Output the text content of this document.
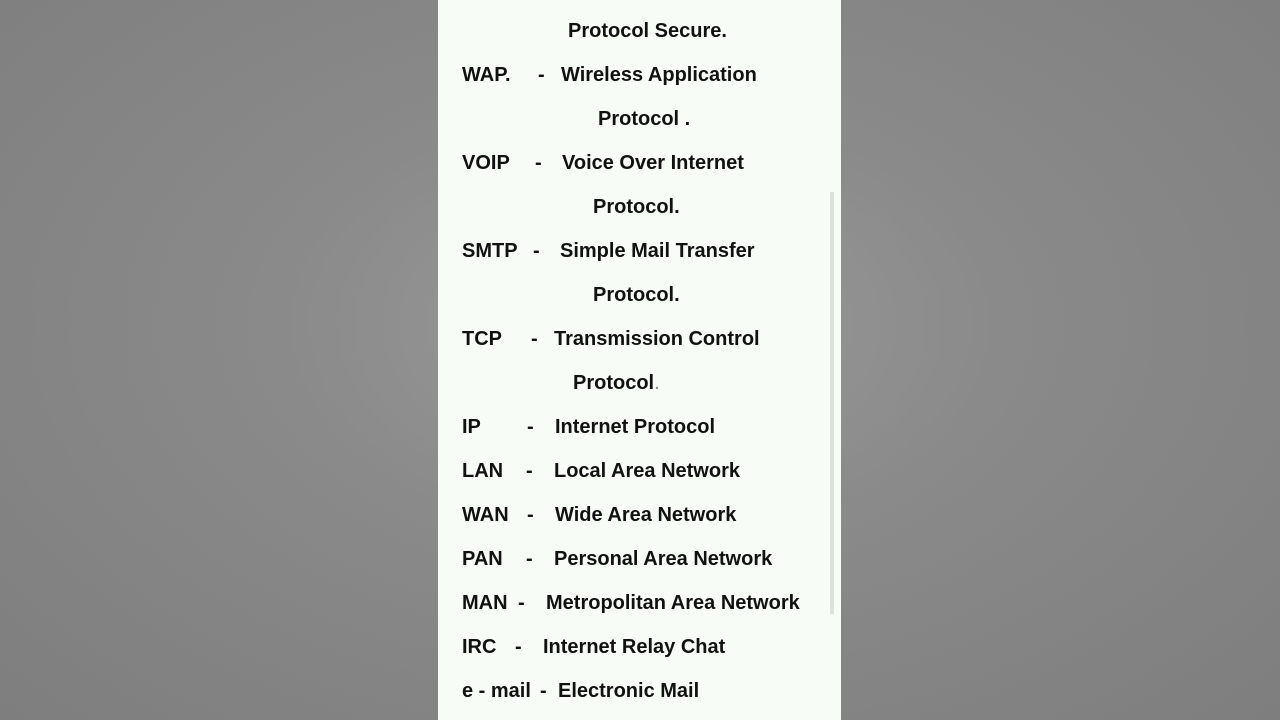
Protocol Secure.
WAP. - Wireless Application
Protocol .
VOIP - Voice Over Internet
Protocol.
SMTP - Simple Mail Transfer
Protocol.
TCP - Transmission Control
Protocol.
IP - Internet Protocol
LAN - Local Area Network
WAN - Wide Area Network
PAN - Personal Area Network
MAN - Metropolitan Area Network
IRC - Internet Relay Chat
e - mail - Electronic Mail
